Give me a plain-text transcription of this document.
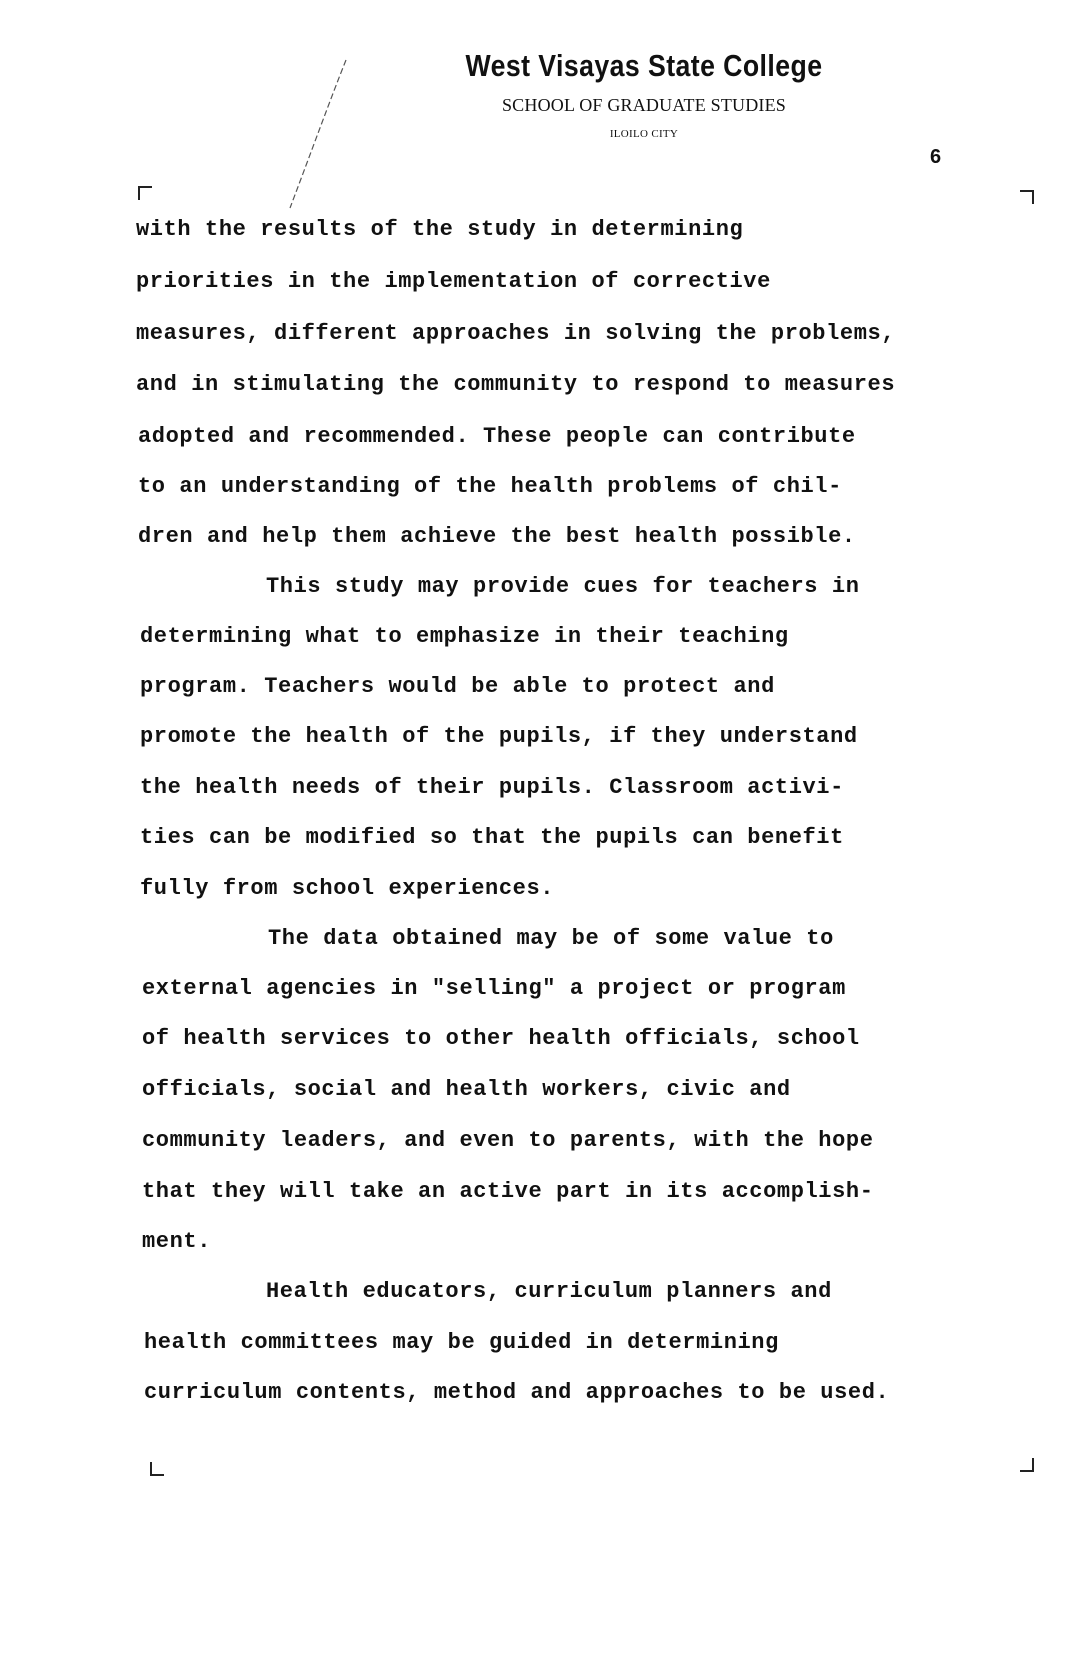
West Visayas State College
SCHOOL OF GRADUATE STUDIES
ILOILO CITY
6
with the results of the study in determining
priorities in the implementation of corrective
measures, different approaches in solving the problems,
and in stimulating the community to respond to measures
adopted and recommended. These people can contribute
to an understanding of the health problems of chil-
dren and help them achieve the best health possible.
This study may provide cues for teachers in
determining what to emphasize in their teaching
program. Teachers would be able to protect and
promote the health of the pupils, if they understand
the health needs of their pupils. Classroom activi-
ties can be modified so that the pupils can benefit
fully from school experiences.
The data obtained may be of some value to
external agencies in "selling" a project or program
of health services to other health officials, school
officials, social and health workers, civic and
community leaders, and even to parents, with the hope
that they will take an active part in its accomplish-
ment.
Health educators, curriculum planners and
health committees may be guided in determining
curriculum contents, method and approaches to be used.
